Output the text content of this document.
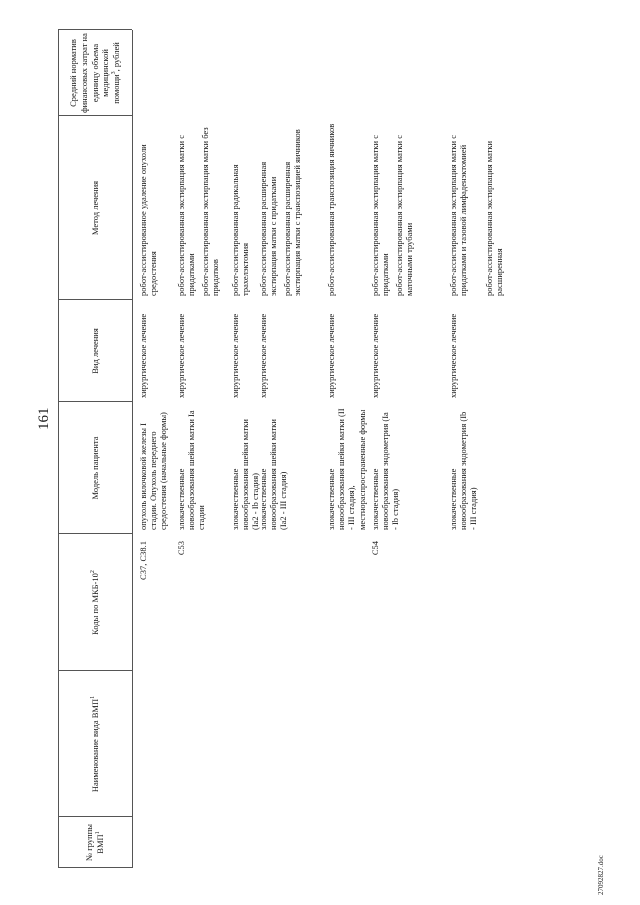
161
27092827.doc
№ группы ВМП$^1$
Наименование вида ВМП$^1$
Коды по МКБ-$10^2$
Модель пациента
Вид лечения
Метод лечения
Средний норматив финансовых затрат на единицу объема медицинской помощи$^3$, рублей
C37, C38.1
опухоль вилочковой железы I стадии. Опухоль переднего средостения (начальные формы)
хирургическое лечение
робот-ассистированное удаление опухоли средостения
C53
злокачественные новообразования шейки матки Ia стадии
хирургическое лечение
робот-ассистированная экстирпация матки с придатками робот-ассистированная экстирпация матки без придатков
злокачественные новообразования шейки матки (Ia2 - Ib стадия)
хирургическое лечение
робот-ассистированная радикальная трахелэктомия
злокачественные новообразования шейки матки (Ia2 - III стадия)
хирургическое лечение
робот-ассистированная расширенная экстирпация матки с придатками робот-ассистированная расширенная экстирпация матки с транспозицией яичников
злокачественные новообразования шейки матки (II - III стадия), местнораспространенные формы
хирургическое лечение
робот-ассистированная транспозиция яичников
C54
злокачественные новообразования эндометрия (Ia - Ib стадия)
хирургическое лечение
робот-ассистированная экстирпация матки с придатками робот-ассистированная экстирпация матки с маточными трубами
злокачественные новообразования эндометрия (Ib - III стадия)
хирургическое лечение
робот-ассистированная экстирпация матки с придатками и тазовой лимфаденэктомией робот-ассистированная экстирпация матки расширенная
